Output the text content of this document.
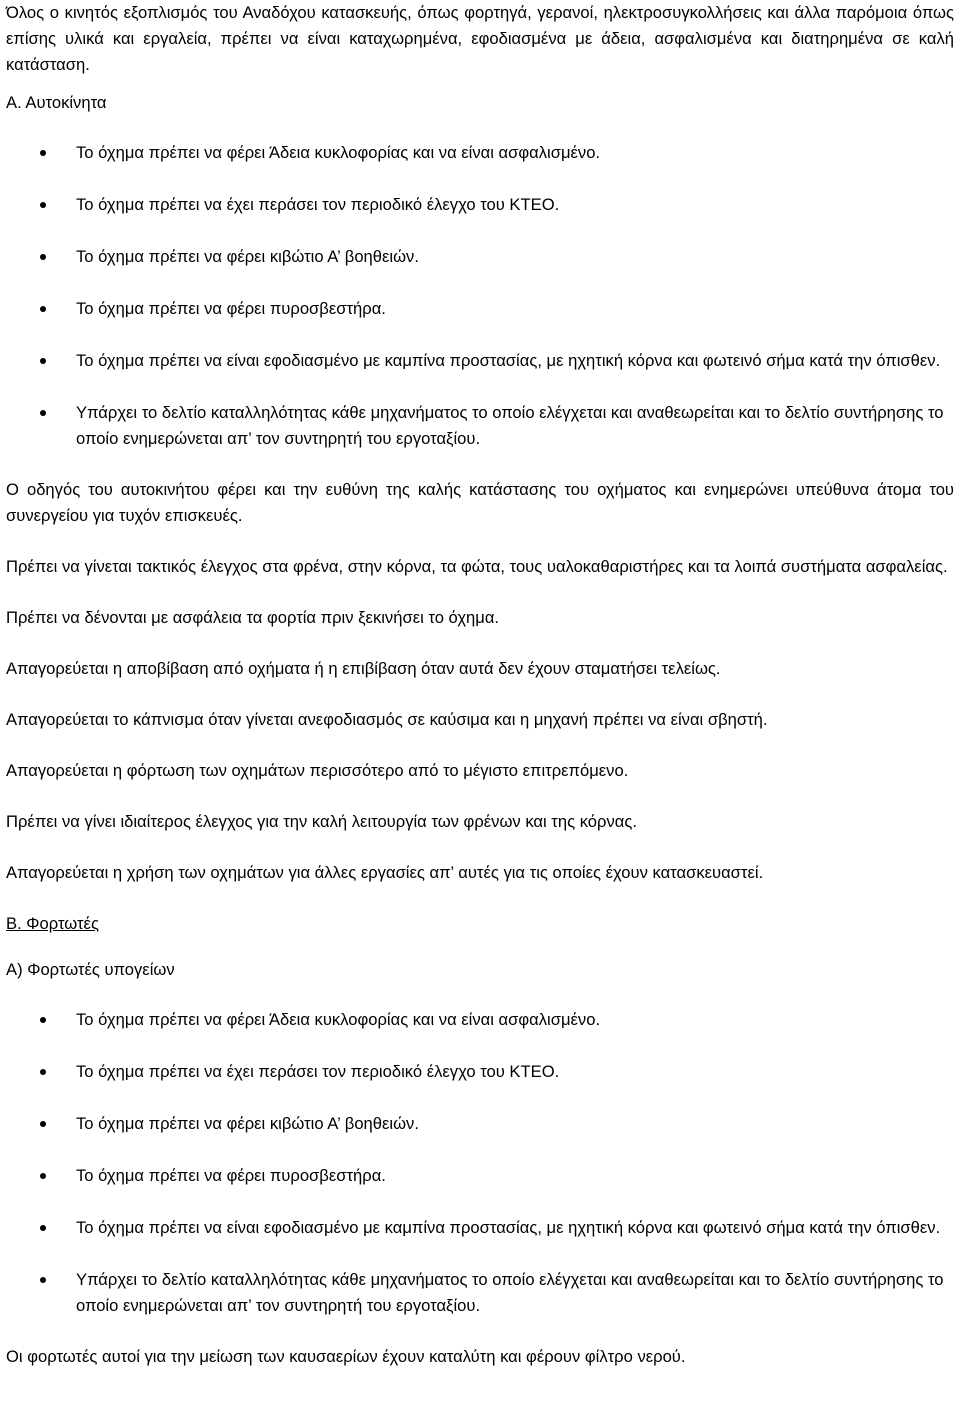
Όλος ο κινητός εξοπλισμός του Αναδόχου κατασκευής, όπως φορτηγά, γερανοί, ηλεκτροσυγκολλήσεις και άλλα παρόμοια όπως επίσης υλικά και εργαλεία, πρέπει να είναι καταχωρημένα, εφοδιασμένα με άδεια, ασφαλισμένα και διατηρημένα σε καλή κατάσταση.

Α. Αυτοκίνητα

Το όχημα πρέπει να φέρει Άδεια κυκλοφορίας και να είναι ασφαλισμένο.
Το όχημα πρέπει να έχει περάσει τον περιοδικό έλεγχο του ΚΤΕΟ.
Το όχημα πρέπει να φέρει κιβώτιο Α’ βοηθειών.
Το όχημα πρέπει να φέρει πυροσβεστήρα.
Το όχημα πρέπει να είναι εφοδιασμένο με καμπίνα προστασίας, με ηχητική κόρνα και φωτεινό σήμα κατά την όπισθεν.
Υπάρχει το δελτίο καταλληλότητας κάθε μηχανήματος το οποίο ελέγχεται και αναθεωρείται και το δελτίο συντήρησης το οποίο ενημερώνεται απ’ τον συντηρητή του εργοταξίου.

Ο οδηγός του αυτοκινήτου φέρει και την ευθύνη της καλής κατάστασης του οχήματος και ενημερώνει υπεύθυνα άτομα του συνεργείου για τυχόν επισκευές.

Πρέπει να γίνεται τακτικός έλεγχος στα φρένα, στην κόρνα, τα φώτα, τους υαλοκαθαριστήρες και τα λοιπά συστήματα ασφαλείας.

Πρέπει να δένονται με ασφάλεια τα φορτία πριν ξεκινήσει το όχημα.

Απαγορεύεται η αποβίβαση από οχήματα ή η επιβίβαση όταν αυτά δεν έχουν σταματήσει τελείως.

Απαγορεύεται το κάπνισμα όταν γίνεται ανεφοδιασμός σε καύσιμα και η μηχανή πρέπει να είναι σβηστή.

Απαγορεύεται η φόρτωση των οχημάτων περισσότερο από το μέγιστο επιτρεπόμενο.

Πρέπει να γίνει ιδιαίτερος έλεγχος για την καλή λειτουργία των φρένων και της κόρνας.

Απαγορεύεται η χρήση των οχημάτων για άλλες εργασίες απ’ αυτές για τις οποίες έχουν κατασκευαστεί.

Β. Φορτωτές

Α) Φορτωτές υπογείων

Το όχημα πρέπει να φέρει Άδεια κυκλοφορίας και να είναι ασφαλισμένο.
Το όχημα πρέπει να έχει περάσει τον περιοδικό έλεγχο του ΚΤΕΟ.
Το όχημα πρέπει να φέρει κιβώτιο Α’ βοηθειών.
Το όχημα πρέπει να φέρει πυροσβεστήρα.
Το όχημα πρέπει να είναι εφοδιασμένο με καμπίνα προστασίας, με ηχητική κόρνα και φωτεινό σήμα κατά την όπισθεν.
Υπάρχει το δελτίο καταλληλότητας κάθε μηχανήματος το οποίο ελέγχεται και αναθεωρείται και το δελτίο συντήρησης το οποίο ενημερώνεται απ’ τον συντηρητή του εργοταξίου.

Οι φορτωτές αυτοί για την μείωση των καυσαερίων έχουν καταλύτη και φέρουν φίλτρο νερού.
